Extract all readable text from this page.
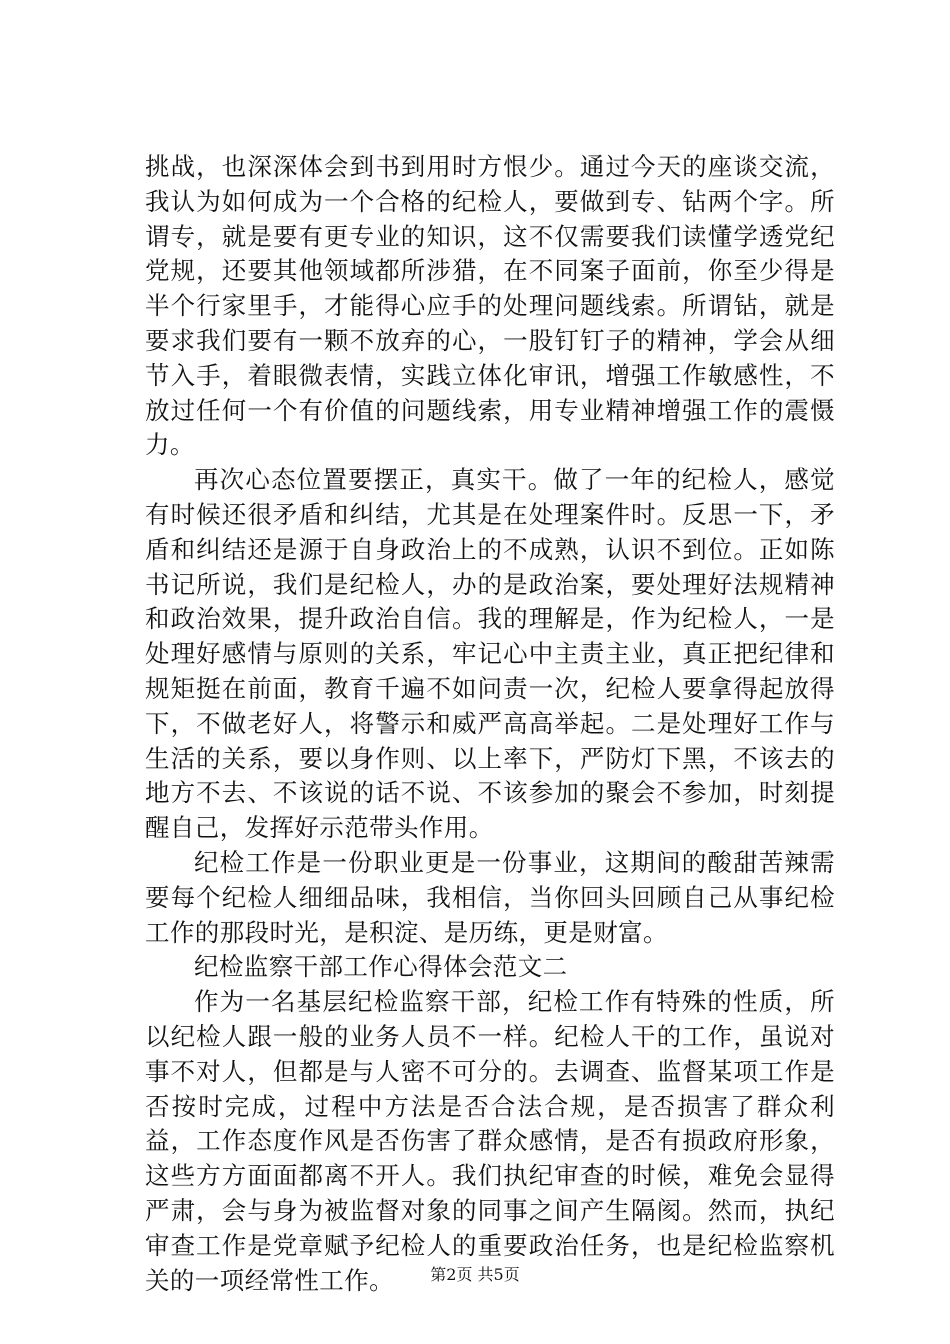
挑战，也深深体会到书到用时方恨少。通过今天的座谈交流，我认为如何成为一个合格的纪检人，要做到专、钻两个字。所谓专，就是要有更专业的知识，这不仅需要我们读懂学透党纪党规，还要其他领域都所涉猎，在不同案子面前，你至少得是半个行家里手，才能得心应手的处理问题线索。所谓钻，就是要求我们要有一颗不放弃的心，一股钉钉子的精神，学会从细节入手，着眼微表情，实践立体化审讯，增强工作敏感性，不放过任何一个有价值的问题线索，用专业精神增强工作的震慑力。

再次心态位置要摆正，真实干。做了一年的纪检人，感觉有时候还很矛盾和纠结，尤其是在处理案件时。反思一下，矛盾和纠结还是源于自身政治上的不成熟，认识不到位。正如陈书记所说，我们是纪检人，办的是政治案，要处理好法规精神和政治效果，提升政治自信。我的理解是，作为纪检人，一是处理好感情与原则的关系，牢记心中主责主业，真正把纪律和规矩挺在前面，教育千遍不如问责一次，纪检人要拿得起放得下，不做老好人，将警示和威严高高举起。二是处理好工作与生活的关系，要以身作则、以上率下，严防灯下黑，不该去的地方不去、不该说的话不说、不该参加的聚会不参加，时刻提醒自己，发挥好示范带头作用。

纪检工作是一份职业更是一份事业，这期间的酸甜苦辣需要每个纪检人细细品味，我相信，当你回头回顾自己从事纪检工作的那段时光，是积淀、是历练，更是财富。

纪检监察干部工作心得体会范文二

作为一名基层纪检监察干部，纪检工作有特殊的性质，所以纪检人跟一般的业务人员不一样。纪检人干的工作，虽说对事不对人，但都是与人密不可分的。去调查、监督某项工作是否按时完成，过程中方法是否合法合规，是否损害了群众利益，工作态度作风是否伤害了群众感情，是否有损政府形象，这些方方面面都离不开人。我们执纪审查的时候，难免会显得严肃，会与身为被监督对象的同事之间产生隔阂。然而，执纪审查工作是党章赋予纪检人的重要政治任务，也是纪检监察机关的一项经常性工作。	第2页 共5页
